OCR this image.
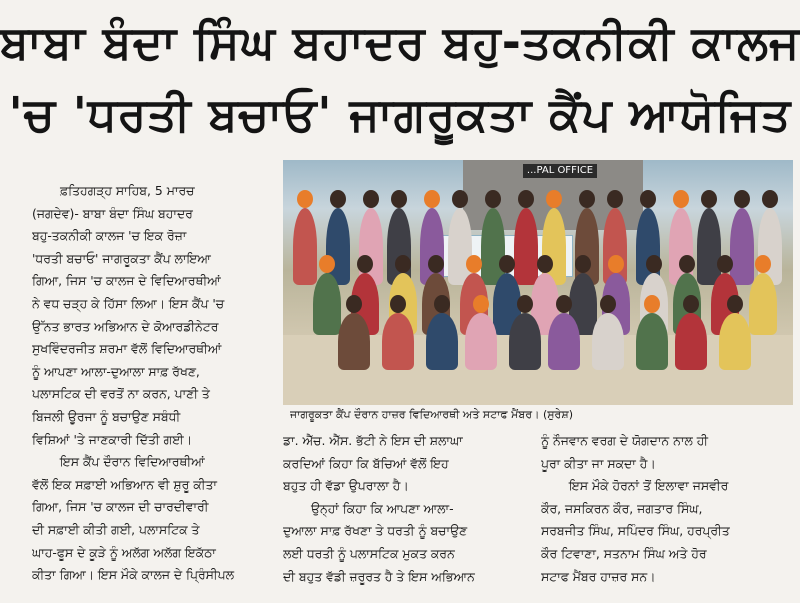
ਬਾਬਾ ਬੰਦਾ ਸਿੰਘ ਬਹਾਦਰ ਬਹੁ-ਤਕਨੀਕੀ ਕਾਲਜ
'ਚ 'ਧਰਤੀ ਬਚਾਓ' ਜਾਗਰੂਕਤਾ ਕੈਂਪ ਆਯੋਜਿਤ
...PAL OFFICE
ਜਾਗਰੂਕਤਾ ਕੈਂਪ ਦੌਰਾਨ ਹਾਜ਼ਰ ਵਿਦਿਆਰਥੀ ਅਤੇ ਸਟਾਫ ਮੈਂਬਰ। (ਸੁਰੇਸ਼)
ਫ਼ਤਿਹਗੜ੍ਹ ਸਾਹਿਬ, 5 ਮਾਰਚ
(ਜਗਦੇਵ)- ਬਾਬਾ ਬੰਦਾ ਸਿੰਘ ਬਹਾਦਰ
ਬਹੁ-ਤਕਨੀਕੀ ਕਾਲਜ 'ਚ ਇਕ ਰੋਜ਼ਾ
'ਧਰਤੀ ਬਚਾਓ' ਜਾਗਰੂਕਤਾ ਕੈਂਪ ਲਾਇਆ
ਗਿਆ, ਜਿਸ 'ਚ ਕਾਲਜ ਦੇ ਵਿਦਿਆਰਥੀਆਂ
ਨੇ ਵਧ ਚੜ੍ਹ ਕੇ ਹਿੱਸਾ ਲਿਆ। ਇਸ ਕੈਂਪ 'ਚ
ਉੱਨਤ ਭਾਰਤ ਅਭਿਆਨ ਦੇ ਕੋਆਰਡੀਨੇਟਰ
ਸੁਖਵਿੰਦਰਜੀਤ ਸ਼ਰਮਾ ਵੱਲੋਂ ਵਿਦਿਆਰਥੀਆਂ
ਨੂੰ ਆਪਣਾ ਆਲਾ-ਦੁਆਲਾ ਸਾਫ਼ ਰੱਖਣ,
ਪਲਾਸਟਿਕ ਦੀ ਵਰਤੋਂ ਨਾ ਕਰਨ, ਪਾਣੀ ਤੇ
ਬਿਜਲੀ ਊਰਜਾ ਨੂੰ ਬਚਾਉਣ ਸਬੰਧੀ
ਵਿਸ਼ਿਆਂ 'ਤੇ ਜਾਣਕਾਰੀ ਦਿੱਤੀ ਗਈ।
ਇਸ ਕੈਂਪ ਦੌਰਾਨ ਵਿਦਿਆਰਥੀਆਂ
ਵੱਲੋਂ ਇਕ ਸਫ਼ਾਈ ਅਭਿਆਨ ਵੀ ਸ਼ੁਰੂ ਕੀਤਾ
ਗਿਆ, ਜਿਸ 'ਚ ਕਾਲਜ ਦੀ ਚਾਰਦੀਵਾਰੀ
ਦੀ ਸਫ਼ਾਈ ਕੀਤੀ ਗਈ, ਪਲਾਸਟਿਕ ਤੇ
ਘਾਹ-ਫੂਸ ਦੇ ਕੂੜੇ ਨੂੰ ਅਲੱਗ ਅਲੱਗ ਇਕੱਠਾ
ਕੀਤਾ ਗਿਆ। ਇਸ ਮੌਕੇ ਕਾਲਜ ਦੇ ਪ੍ਰਿੰਸੀਪਲ
ਡਾ. ਐੱਚ. ਐੱਸ. ਭੱਟੀ ਨੇ ਇਸ ਦੀ ਸ਼ਲਾਘਾ
ਕਰਦਿਆਂ ਕਿਹਾ ਕਿ ਬੱਚਿਆਂ ਵੱਲੋਂ ਇਹ
ਬਹੁਤ ਹੀ ਵੱਡਾ ਉਪਰਾਲਾ ਹੈ।
ਉਨ੍ਹਾਂ ਕਿਹਾ ਕਿ ਆਪਣਾ ਆਲਾ-
ਦੁਆਲਾ ਸਾਫ਼ ਰੱਖਣਾ ਤੇ ਧਰਤੀ ਨੂੰ ਬਚਾਉਣ
ਲਈ ਧਰਤੀ ਨੂੰ ਪਲਾਸਟਿਕ ਮੁਕਤ ਕਰਨ
ਦੀ ਬਹੁਤ ਵੱਡੀ ਜ਼ਰੂਰਤ ਹੈ ਤੇ ਇਸ ਅਭਿਆਨ
ਨੂੰ ਨੌਜਵਾਨ ਵਰਗ ਦੇ ਯੋਗਦਾਨ ਨਾਲ ਹੀ
ਪੂਰਾ ਕੀਤਾ ਜਾ ਸਕਦਾ ਹੈ।
ਇਸ ਮੌਕੇ ਹੋਰਨਾਂ ਤੋਂ ਇਲਾਵਾ ਜਸਵੀਰ
ਕੌਰ, ਜਸਕਿਰਨ ਕੌਰ, ਜਗਤਾਰ ਸਿੰਘ,
ਸਰਬਜੀਤ ਸਿੰਘ, ਸਪਿੰਦਰ ਸਿੰਘ, ਹਰਪ੍ਰੀਤ
ਕੌਰ ਟਿਵਾਣਾ, ਸਤਨਾਮ ਸਿੰਘ ਅਤੇ ਹੋਰ
ਸਟਾਫ ਮੈਂਬਰ ਹਾਜ਼ਰ ਸਨ।
